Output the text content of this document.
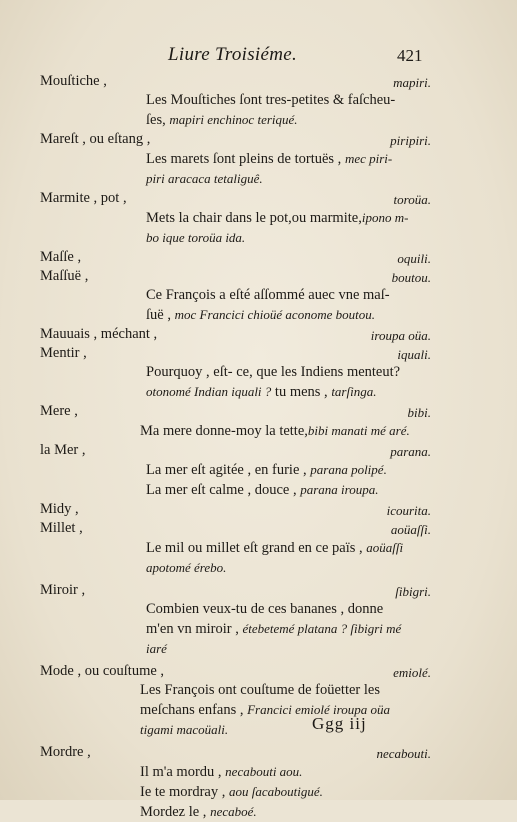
Liure Troisiéme.	421
Mouſtiche ,	mapiri.
Les Mouſtiches ſont tres-petites & faſcheu-
ſes, mapiri enchinoc teriqué.
Mareſt , ou eſtang ,	piripiri.
Les marets ſont pleins de tortuës , mec piri-
piri aracaca tetaliguê.
Marmite , pot ,	toroüa.
Mets la chair dans le pot,ou marmite,ipono m-
bo ique toroüa ida.
Maſſe ,	oquili.
Maſſuë ,	boutou.
Ce François a eſté aſſommé auec vne maſ-
ſuë , moc Francici chioüé aconome boutou.
Mauuais , méchant ,	iroupa oüa.
Mentir ,	iquali.
Pourquoy , eſt- ce, que les Indiens menteut?
otonomé Indian iquali ? tu mens , tarſinga.
Mere ,	bibi.
Ma mere donne-moy la tette,bibi manati mé aré.
la Mer ,	parana.
La mer eſt agitée , en furie , parana polipé.
La mer eſt calme , douce , parana iroupa.
Midy ,	icourita.
Millet ,	aoüaſſi.
Le mil ou millet eſt grand en ce païs , aoüaſſi
apotomé érebo.
Miroir ,	ſibigri.
Combien veux-tu de ces bananes , donne
m'en vn miroir , étebetemé platana ? ſibigri mé
iaré
Mode , ou couſtume ,	emiolé.
Les François ont couſtume de foüetter les
meſchans enfans , Francici emiolé iroupa oüa
tigami macoüali.
Mordre ,	necabouti.
Il m'a mordu , necabouti aou.
Ie te mordray , aou ſacaboutigué.
Mordez le , necaboé.
Ggg iij
